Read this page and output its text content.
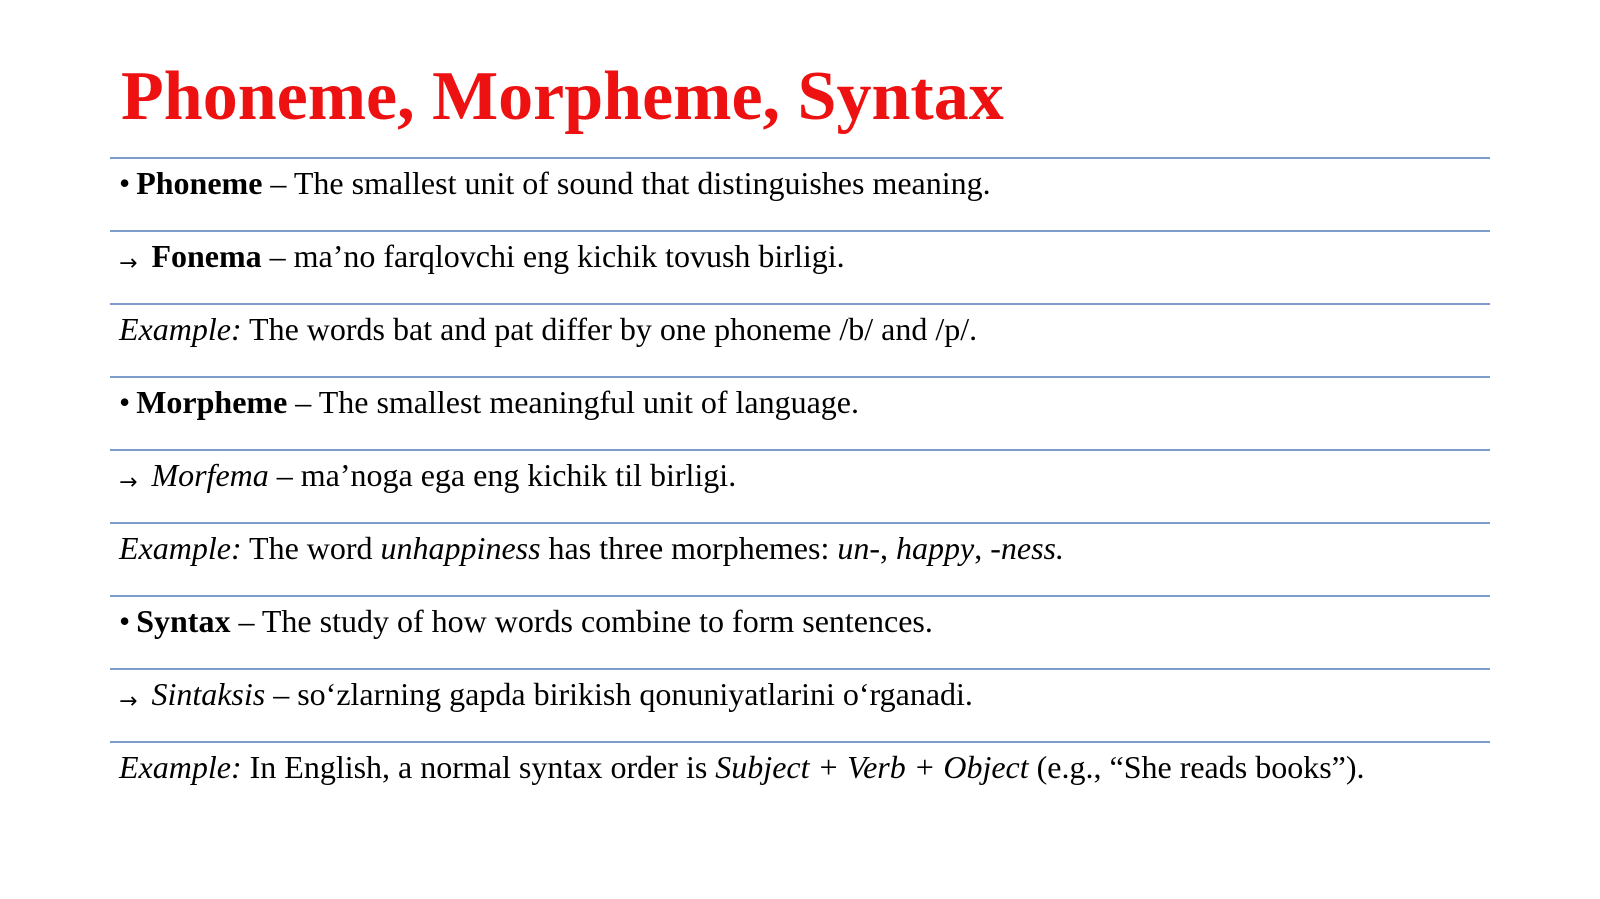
Phoneme, Morpheme, Syntax
• Phoneme – The smallest unit of sound that distinguishes meaning.
→ Fonema – ma’no farqlovchi eng kichik tovush birligi.
Example: The words bat and pat differ by one phoneme /b/ and /p/.
• Morpheme – The smallest meaningful unit of language.
→ Morfema – ma’noga ega eng kichik til birligi.
Example: The word unhappiness has three morphemes: un-, happy, -ness.
• Syntax – The study of how words combine to form sentences.
→ Sintaksis – so‘zlarning gapda birikish qonuniyatlarini o‘rganadi.
Example: In English, a normal syntax order is Subject + Verb + Object (e.g., “She reads books”).
